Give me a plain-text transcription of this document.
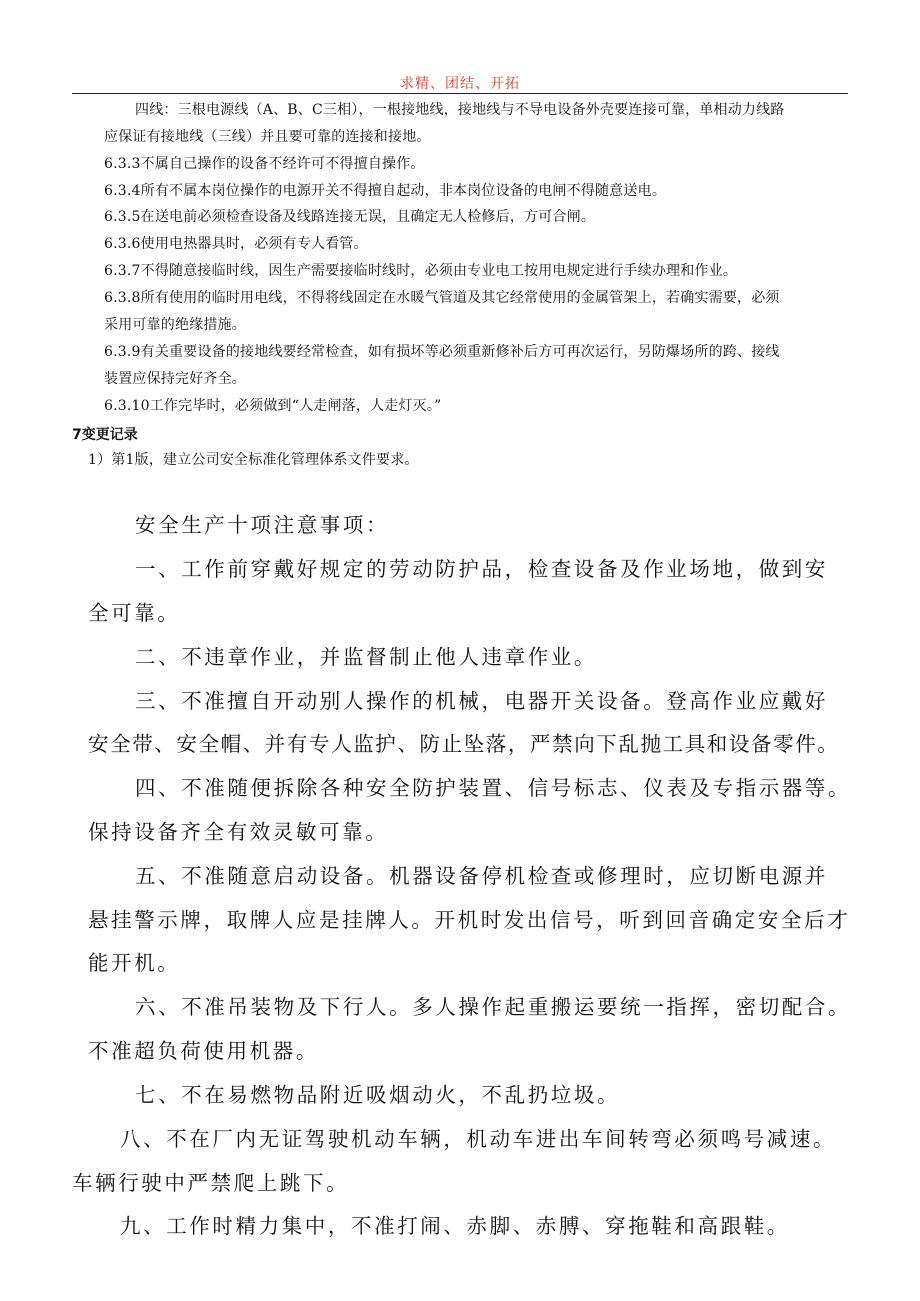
求精、团结、开拓

四线：三根电源线（A、B、C三相），一根接地线，接地线与不导电设备外壳要连接可靠，单相动力线路

应保证有接地线（三线）并且要可靠的连接和接地。

6.3.3不属自己操作的设备不经许可不得擅自操作。

6.3.4所有不属本岗位操作的电源开关不得擅自起动，非本岗位设备的电闸不得随意送电。

6.3.5在送电前必须检查设备及线路连接无误，且确定无人检修后，方可合闸。

6.3.6使用电热器具时，必须有专人看管。

6.3.7不得随意接临时线，因生产需要接临时线时，必须由专业电工按用电规定进行手续办理和作业。

6.3.8所有使用的临时用电线，不得将线固定在水暖气管道及其它经常使用的金属管架上，若确实需要，必须

采用可靠的绝缘措施。

6.3.9有关重要设备的接地线要经常检查，如有损坏等必须重新修补后方可再次运行，另防爆场所的跨、接线

装置应保持完好齐全。

6.3.10工作完毕时，必须做到“人走闸落，人走灯灭。”

7变更记录

1）第1版，建立公司安全标准化管理体系文件要求。

安全生产十项注意事项：

一、工作前穿戴好规定的劳动防护品，检查设备及作业场地，做到安

全可靠。

二、不违章作业，并监督制止他人违章作业。

三、不准擅自开动别人操作的机械，电器开关设备。登高作业应戴好

安全带、安全帽、并有专人监护、防止坠落，严禁向下乱抛工具和设备零件。

四、不准随便拆除各种安全防护装置、信号标志、仪表及专指示器等。

保持设备齐全有效灵敏可靠。

五、不准随意启动设备。机器设备停机检查或修理时，应切断电源并

悬挂警示牌，取牌人应是挂牌人。开机时发出信号，听到回音确定安全后才

能开机。

六、不准吊装物及下行人。多人操作起重搬运要统一指挥，密切配合。

不准超负荷使用机器。

七、不在易燃物品附近吸烟动火，不乱扔垃圾。

八、不在厂内无证驾驶机动车辆，机动车进出车间转弯必须鸣号减速。

车辆行驶中严禁爬上跳下。

九、工作时精力集中，不准打闹、赤脚、赤膊、穿拖鞋和高跟鞋。
